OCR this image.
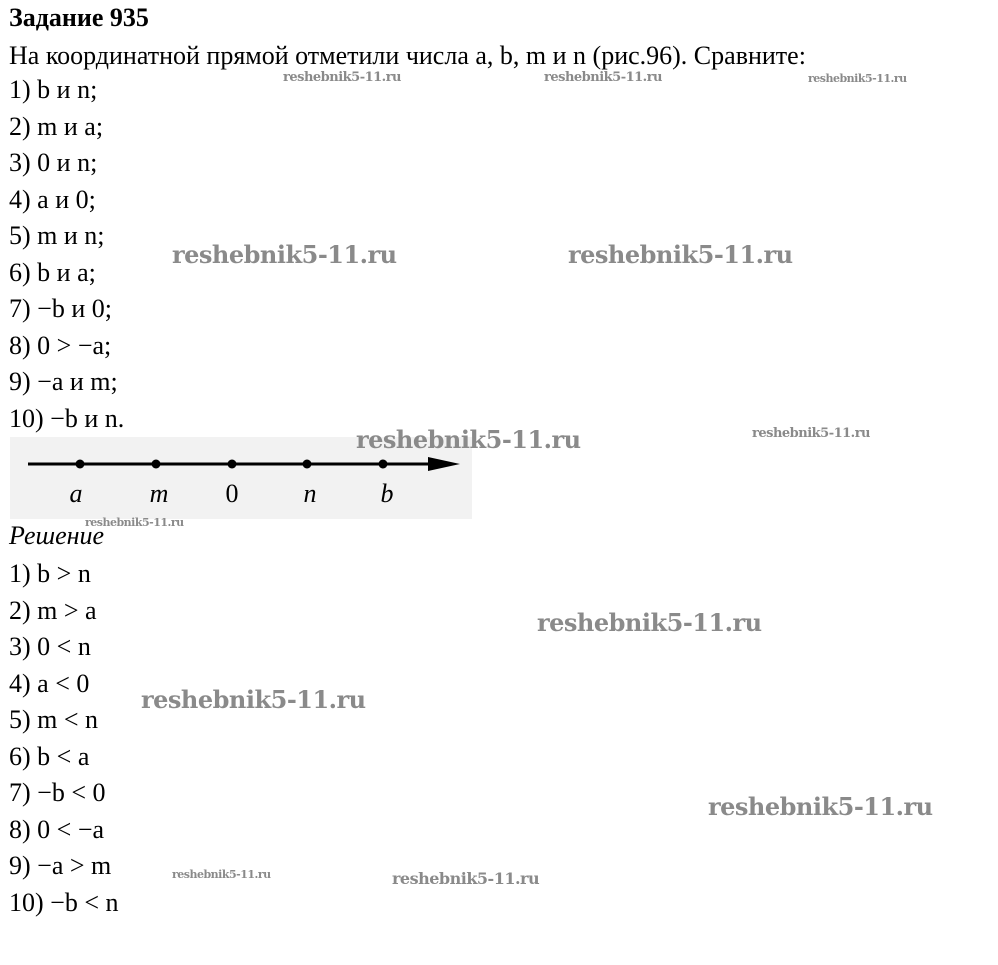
Задание 935
На координатной прямой отметили числа a, b, m и n (рис.96). Сравните:
1) b и n;
2) m и a;
3) 0 и n;
4) a и 0;
5) m и n;
6) b и a;
7) −b и 0;
8) 0 > −a;
9) −a и m;
10) −b и n.
a	m 0	n b
Решение
1) b > n
2) m > a
3) 0 < n
4) a < 0
5) m < n
6) b < a
7) −b < 0
8) 0 < −a
9) −a > m
10) −b < n
reshebnik5-11.ru	reshebnik5-11.ru	reshebnik5-11.ru
reshebnik5-11.ru	reshebnik5-11.ru
reshebnik5-11.ru	reshebnik5-11.ru
reshebnik5-11.ru
reshebnik5-11.ru
reshebnik5-11.ru
reshebnik5-11.ru
reshebnik5-11.ru	reshebnik5-11.ru
